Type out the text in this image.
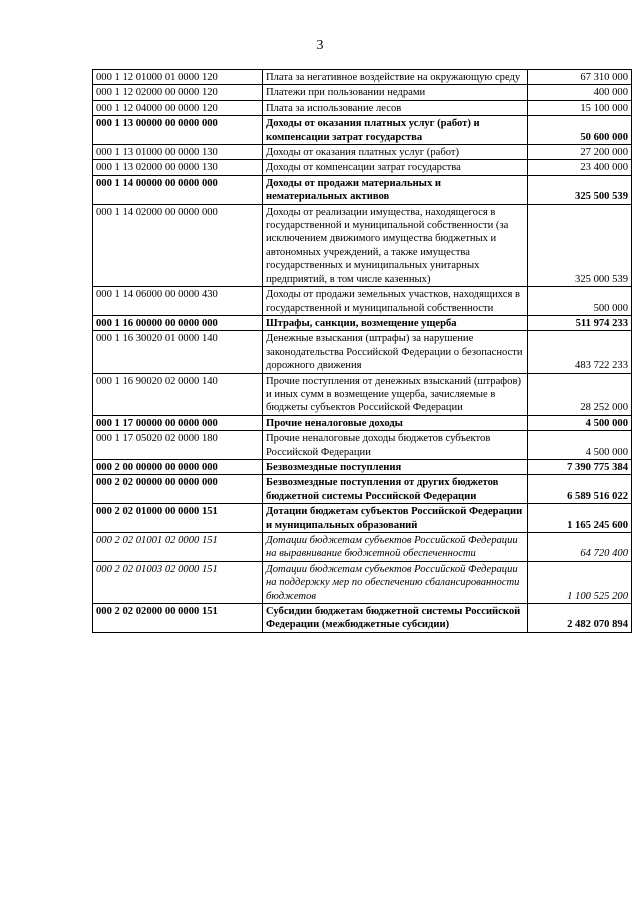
3
000 1 12 01000 01 0000 120	Плата за негативное воздействие на окружающую среду	67 310 000
000 1 12 02000 00 0000 120	Платежи при пользовании недрами	400 000
000 1 12 04000 00 0000 120	Плата за использование лесов	15 100 000
000 1 13 00000 00 0000 000	Доходы от оказания платных услуг (работ) и компенсации затрат государства	50 600 000
000 1 13 01000 00 0000 130	Доходы от оказания платных услуг (работ)	27 200 000
000 1 13 02000 00 0000 130	Доходы от компенсации затрат государства	23 400 000
000 1 14 00000 00 0000 000	Доходы от продажи материальных и нематериальных активов	325 500 539
000 1 14 02000 00 0000 000	Доходы от реализации имущества, находящегося в государственной и муниципальной собственности (за исключением движимого имущества бюджетных и автономных учреждений, а также имущества государственных и муниципальных унитарных предприятий, в том числе казенных)	325 000 539
000 1 14 06000 00 0000 430	Доходы от продажи земельных участков, находящихся в государственной и муниципальной собственности	500 000
000 1 16 00000 00 0000 000	Штрафы, санкции, возмещение ущерба	511 974 233
000 1 16 30020 01 0000 140	Денежные взыскания (штрафы) за нарушение законодательства Российской Федерации о безопасности дорожного движения	483 722 233
000 1 16 90020 02 0000 140	Прочие поступления от денежных взысканий (штрафов) и иных сумм в возмещение ущерба, зачисляемые в бюджеты субъектов Российской Федерации	28 252 000
000 1 17 00000 00 0000 000	Прочие неналоговые доходы	4 500 000
000 1 17 05020 02 0000 180	Прочие неналоговые доходы бюджетов субъектов Российской Федерации	4 500 000
000 2 00 00000 00 0000 000	Безвозмездные поступления	7 390 775 384
000 2 02 00000 00 0000 000	Безвозмездные поступления от других бюджетов бюджетной системы Российской Федерации	6 589 516 022
000 2 02 01000 00 0000 151	Дотации бюджетам субъектов Российской Федерации и муниципальных образований	1 165 245 600
000 2 02 01001 02 0000 151	Дотации бюджетам субъектов Российской Федерации на выравнивание бюджетной обеспеченности	64 720 400
000 2 02 01003 02 0000 151	Дотации бюджетам субъектов Российской Федерации на поддержку мер по обеспечению сбалансированности бюджетов	1 100 525 200
000 2 02 02000 00 0000 151	Субсидии бюджетам бюджетной системы Российской Федерации (межбюджетные субсидии)	2 482 070 894
